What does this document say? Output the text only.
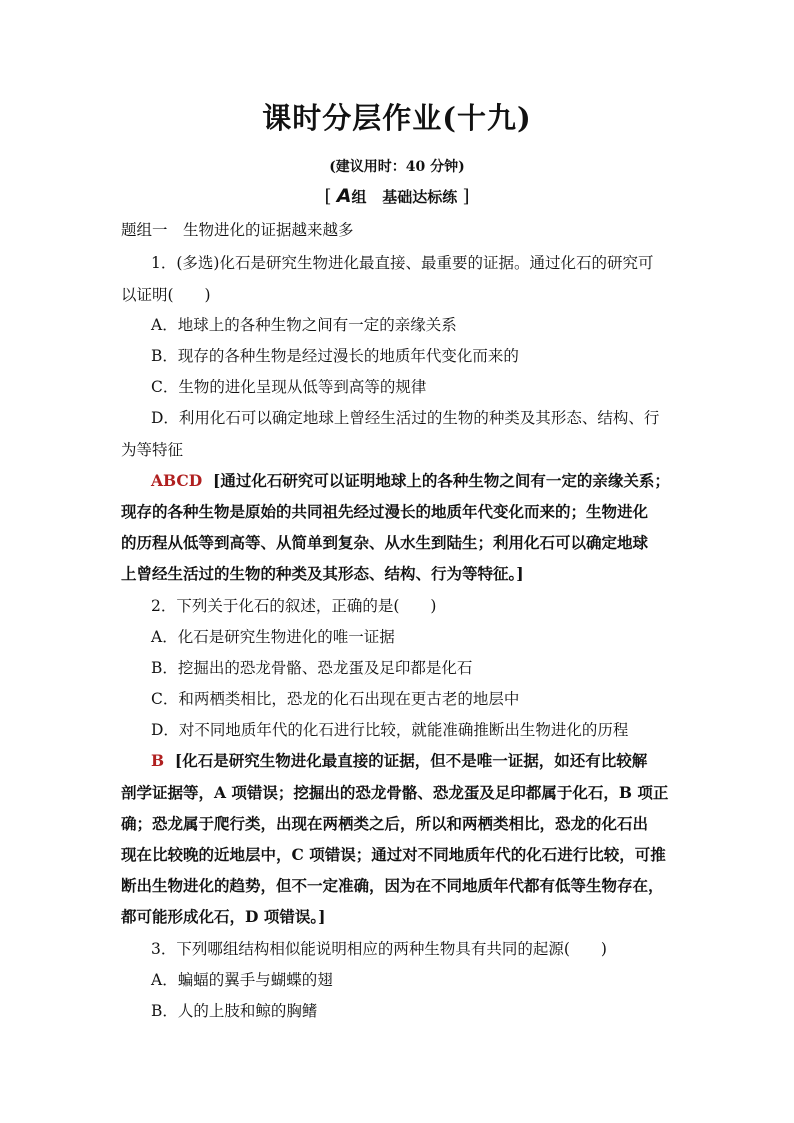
课时分层作业(十九)
(建议用时：40 分钟)
[ A组 基础达标练 ]
题组一　生物进化的证据越来越多
1．(多选)化石是研究生物进化最直接、最重要的证据。通过化石的研究可
以证明(　　)
A．地球上的各种生物之间有一定的亲缘关系
B．现存的各种生物是经过漫长的地质年代变化而来的
C．生物的进化呈现从低等到高等的规律
D．利用化石可以确定地球上曾经生活过的生物的种类及其形态、结构、行
为等特征
ABCD [通过化石研究可以证明地球上的各种生物之间有一定的亲缘关系；
现存的各种生物是原始的共同祖先经过漫长的地质年代变化而来的；生物进化
的历程从低等到高等、从简单到复杂、从水生到陆生；利用化石可以确定地球
上曾经生活过的生物的种类及其形态、结构、行为等特征。]
2．下列关于化石的叙述，正确的是(　　)
A．化石是研究生物进化的唯一证据
B．挖掘出的恐龙骨骼、恐龙蛋及足印都是化石
C．和两栖类相比，恐龙的化石出现在更古老的地层中
D．对不同地质年代的化石进行比较，就能准确推断出生物进化的历程
B [化石是研究生物进化最直接的证据，但不是唯一证据，如还有比较解
剖学证据等，A 项错误；挖掘出的恐龙骨骼、恐龙蛋及足印都属于化石，B 项正
确；恐龙属于爬行类，出现在两栖类之后，所以和两栖类相比，恐龙的化石出
现在比较晚的近地层中，C 项错误；通过对不同地质年代的化石进行比较，可推
断出生物进化的趋势，但不一定准确，因为在不同地质年代都有低等生物存在，
都可能形成化石，D 项错误。]
3．下列哪组结构相似能说明相应的两种生物具有共同的起源(　　)
A．蝙蝠的翼手与蝴蝶的翅
B．人的上肢和鲸的胸鳍
